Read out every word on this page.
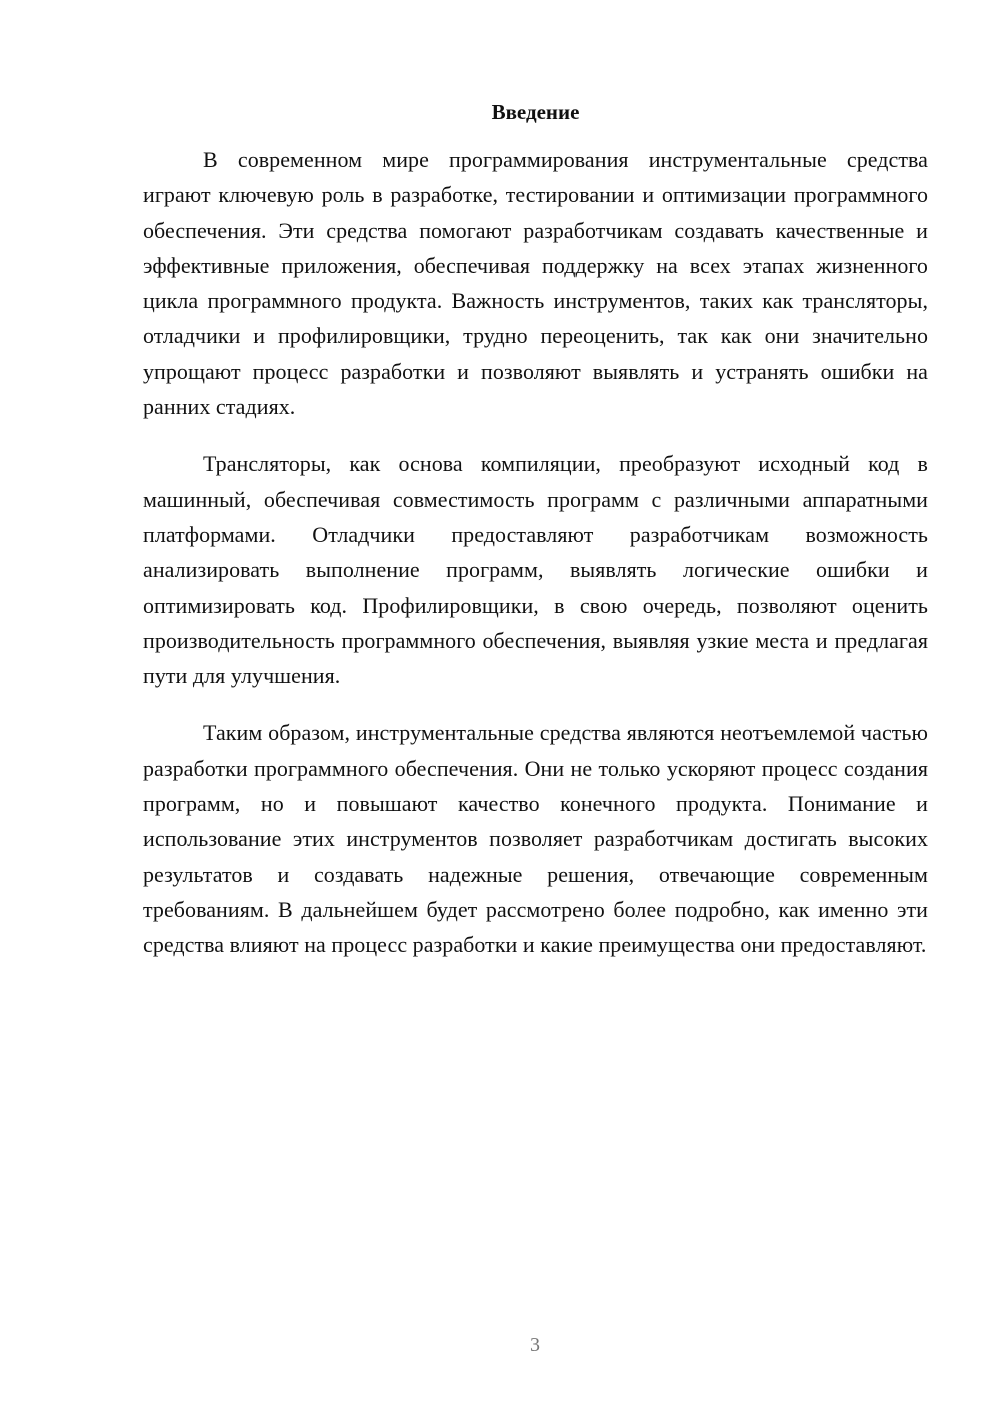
Введение

В современном мире программирования инструментальные средства играют ключевую роль в разработке, тестировании и оптимизации программного обеспечения. Эти средства помогают разработчикам создавать качественные и эффективные приложения, обеспечивая поддержку на всех этапах жизненного цикла программного продукта. Важность инструментов, таких как трансляторы, отладчики и профилировщики, трудно переоценить, так как они значительно упрощают процесс разработки и позволяют выявлять и устранять ошибки на ранних стадиях.

Трансляторы, как основа компиляции, преобразуют исходный код в машинный, обеспечивая совместимость программ с различными аппаратными платформами. Отладчики предоставляют разработчикам возможность анализировать выполнение программ, выявлять логические ошибки и оптимизировать код. Профилировщики, в свою очередь, позволяют оценить производительность программного обеспечения, выявляя узкие места и предлагая пути для улучшения.

Таким образом, инструментальные средства являются неотъемлемой частью разработки программного обеспечения. Они не только ускоряют процесс создания программ, но и повышают качество конечного продукта. Понимание и использование этих инструментов позволяет разработчикам достигать высоких результатов и создавать надежные решения, отвечающие современным требованиям. В дальнейшем будет рассмотрено более подробно, как именно эти средства влияют на процесс разработки и какие преимущества они предоставляют.

3
